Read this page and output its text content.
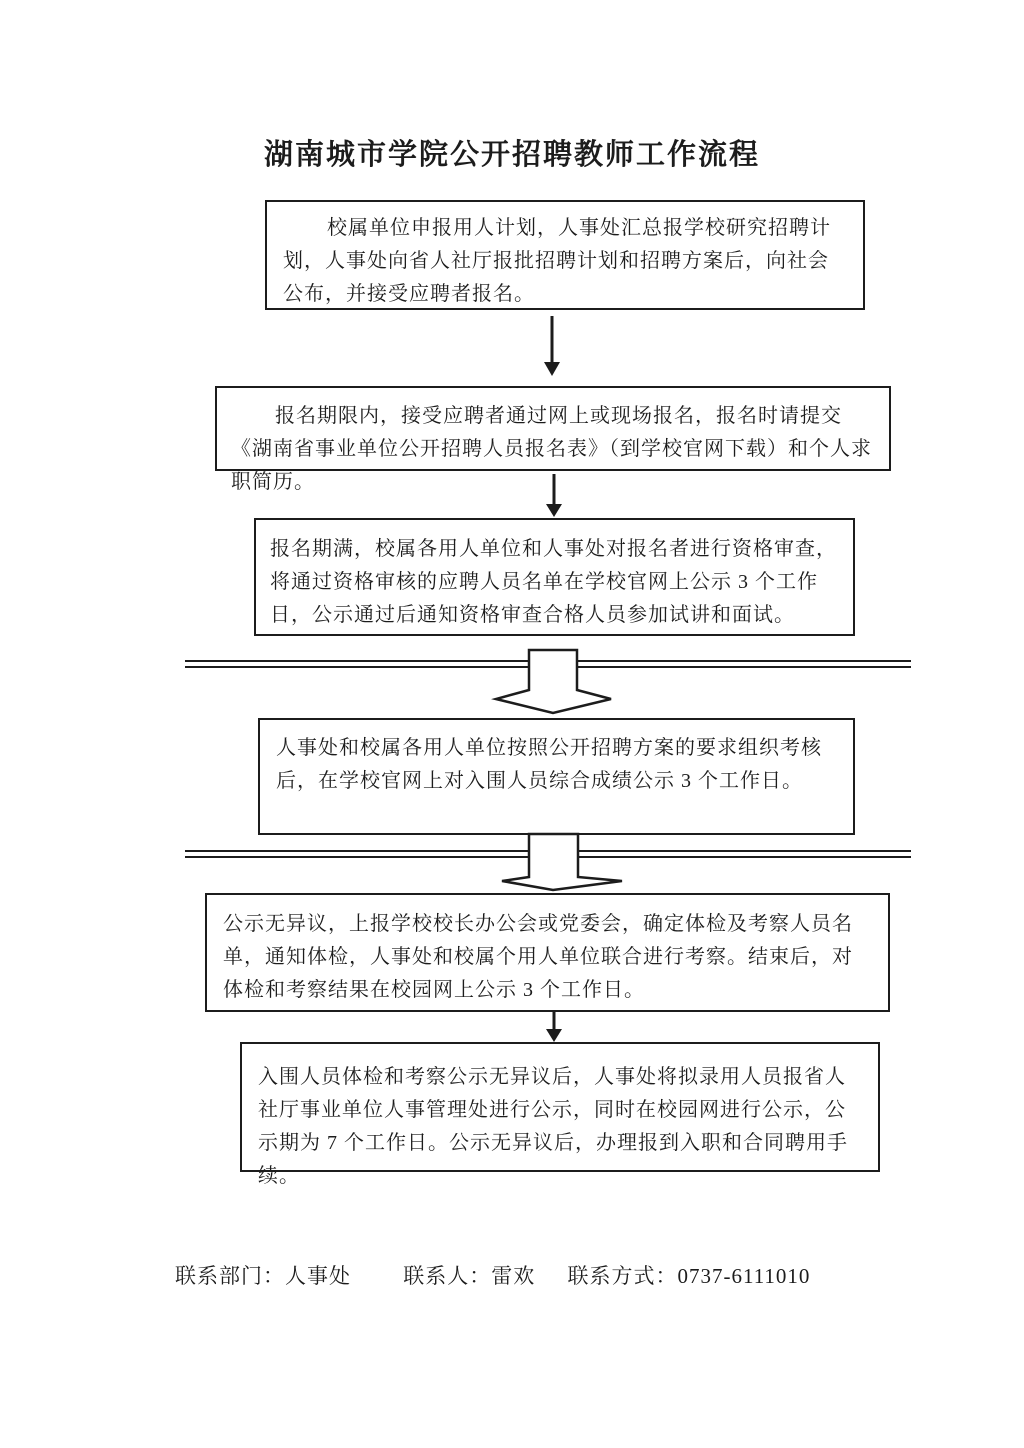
湖南城市学院公开招聘教师工作流程

校属单位申报用人计划，人事处汇总报学校研究招聘计划，人事处向省人社厅报批招聘计划和招聘方案后，向社会公布，并接受应聘者报名。

报名期限内，接受应聘者通过网上或现场报名，报名时请提交《湖南省事业单位公开招聘人员报名表》（到学校官网下载）和个人求职简历。

报名期满，校属各用人单位和人事处对报名者进行资格审查，将通过资格审核的应聘人员名单在学校官网上公示 3 个工作日，公示通过后通知资格审查合格人员参加试讲和面试。

人事处和校属各用人单位按照公开招聘方案的要求组织考核后，在学校官网上对入围人员综合成绩公示 3 个工作日。

公示无异议，上报学校校长办公会或党委会，确定体检及考察人员名单，通知体检，人事处和校属个用人单位联合进行考察。结束后，对体检和考察结果在校园网上公示 3 个工作日。

入围人员体检和考察公示无异议后，人事处将拟录用人员报省人社厅事业单位人事管理处进行公示，同时在校园网进行公示，公示期为 7 个工作日。公示无异议后，办理报到入职和合同聘用手续。

联系部门：人事处 联系人：雷欢 联系方式：0737-6111010
